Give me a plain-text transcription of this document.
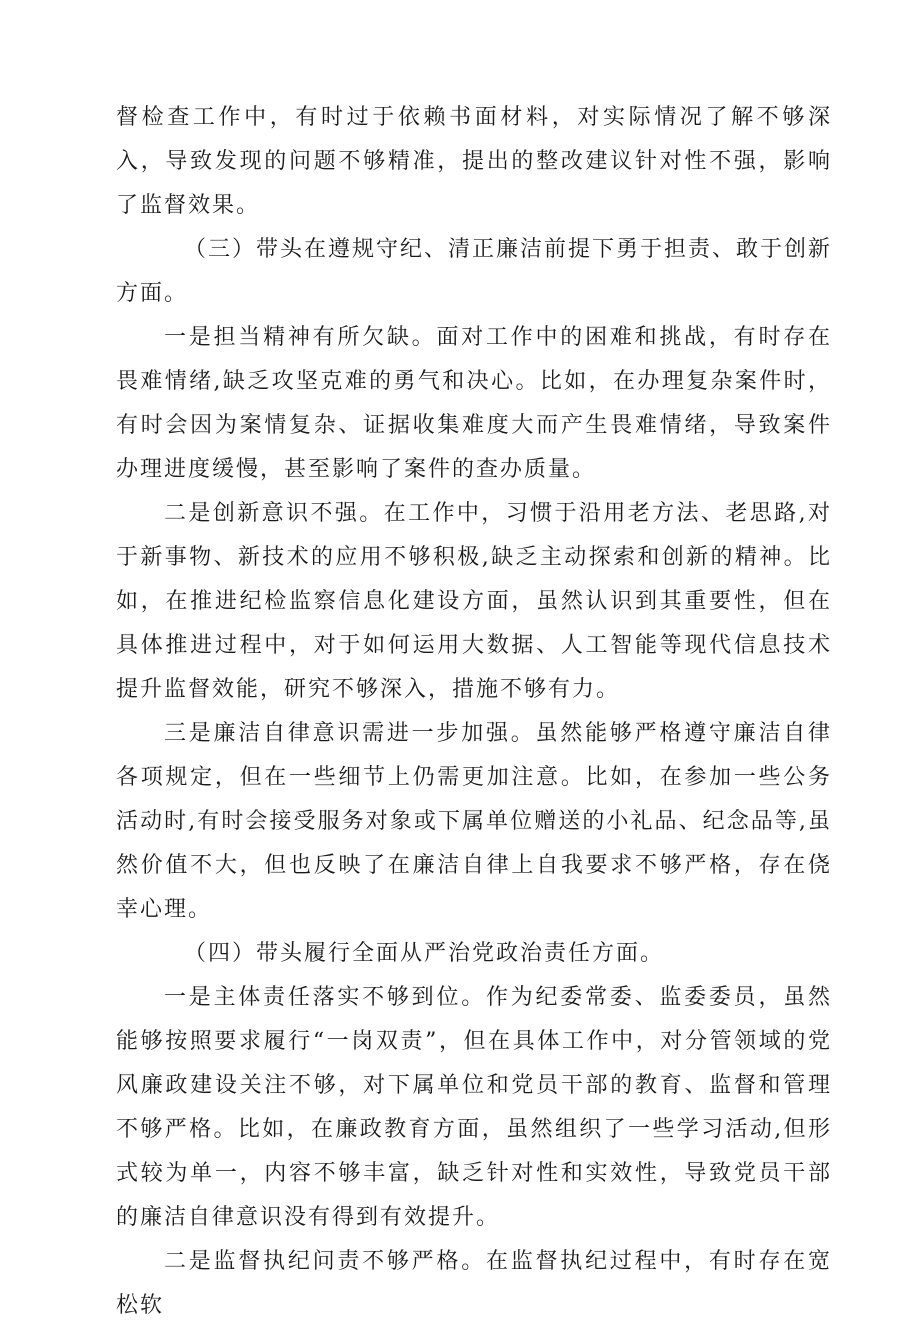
督检查工作中，有时过于依赖书面材料，对实际情况了解不够深入，导致发现的问题不够精准，提出的整改建议针对性不强，影响了监督效果。

（三）带头在遵规守纪、清正廉洁前提下勇于担责、敢于创新方面。

一是担当精神有所欠缺。面对工作中的困难和挑战，有时存在畏难情绪,缺乏攻坚克难的勇气和决心。比如，在办理复杂案件时，有时会因为案情复杂、证据收集难度大而产生畏难情绪，导致案件办理进度缓慢，甚至影响了案件的查办质量。

二是创新意识不强。在工作中，习惯于沿用老方法、老思路,对于新事物、新技术的应用不够积极,缺乏主动探索和创新的精神。比如，在推进纪检监察信息化建设方面，虽然认识到其重要性，但在具体推进过程中，对于如何运用大数据、人工智能等现代信息技术提升监督效能，研究不够深入，措施不够有力。

三是廉洁自律意识需进一步加强。虽然能够严格遵守廉洁自律各项规定，但在一些细节上仍需更加注意。比如，在参加一些公务活动时,有时会接受服务对象或下属单位赠送的小礼品、纪念品等,虽然价值不大，但也反映了在廉洁自律上自我要求不够严格，存在侥幸心理。

（四）带头履行全面从严治党政治责任方面。

一是主体责任落实不够到位。作为纪委常委、监委委员，虽然能够按照要求履行“一岗双责”，但在具体工作中，对分管领域的党风廉政建设关注不够，对下属单位和党员干部的教育、监督和管理不够严格。比如，在廉政教育方面，虽然组织了一些学习活动,但形式较为单一，内容不够丰富，缺乏针对性和实效性，导致党员干部的廉洁自律意识没有得到有效提升。

二是监督执纪问责不够严格。在监督执纪过程中，有时存在宽松软
